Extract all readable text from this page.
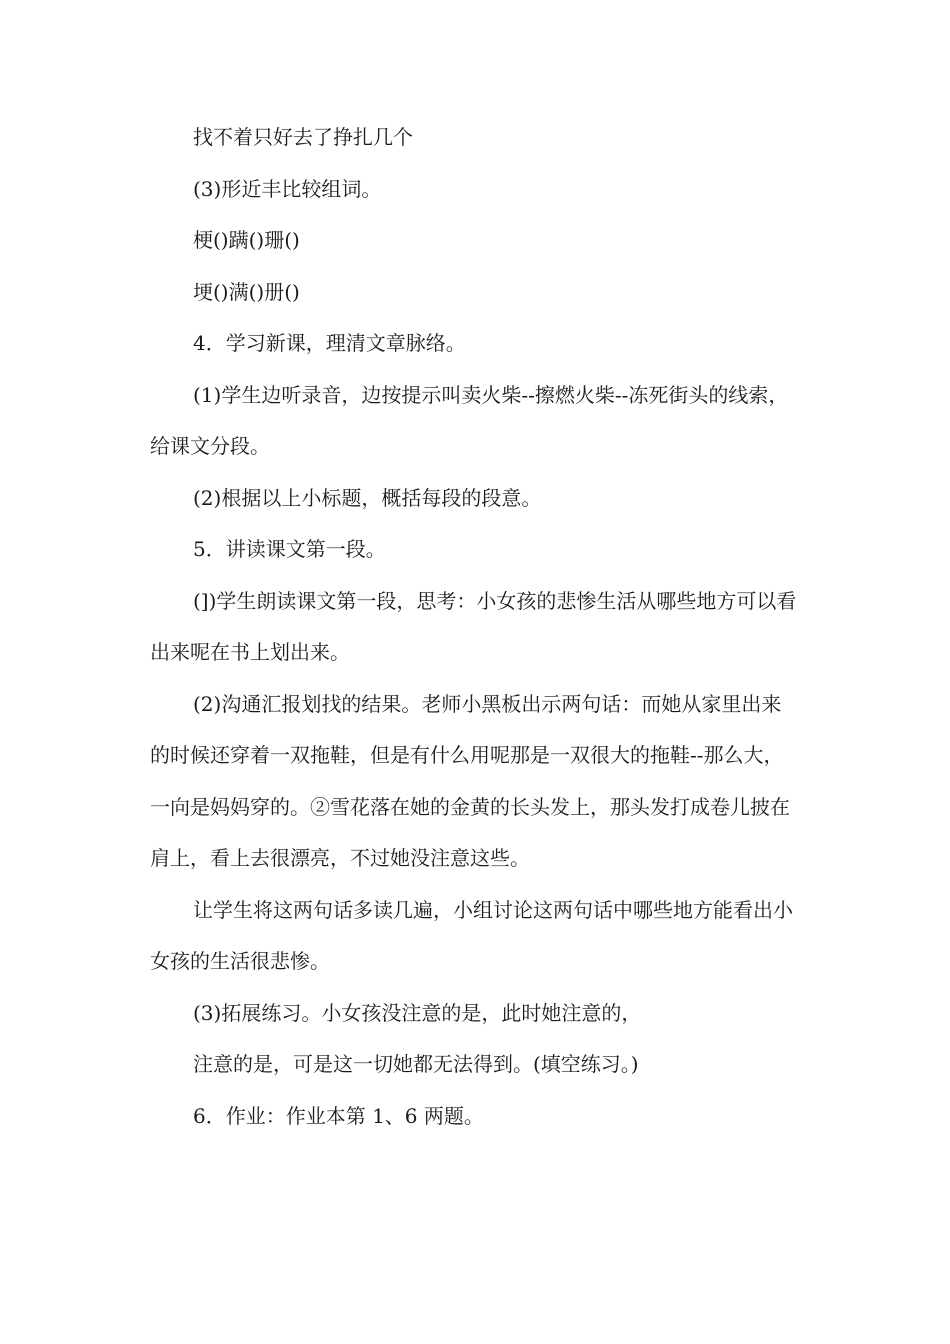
找不着只好去了挣扎几个

(3)形近丰比较组词。

梗()蹒()珊()

埂()满()册()

4．学习新课，理清文章脉络。

(1)学生边听录音，边按提示叫卖火柴--擦燃火柴--冻死街头的线索，给课文分段。

(2)根据以上小标题，概括每段的段意。

5．讲读课文第一段。

(])学生朗读课文第一段，思考：小女孩的悲惨生活从哪些地方可以看出来呢在书上划出来。

(2)沟通汇报划找的结果。老师小黑板出示两句话：而她从家里出来的时候还穿着一双拖鞋，但是有什么用呢那是一双很大的拖鞋--那么大，一向是妈妈穿的。②雪花落在她的金黄的长头发上，那头发打成卷儿披在肩上，看上去很漂亮，不过她没注意这些。

让学生将这两句话多读几遍，小组讨论这两句话中哪些地方能看出小女孩的生活很悲惨。

(3)拓展练习。小女孩没注意的是，此时她注意的，

注意的是，可是这一切她都无法得到。(填空练习。)

6．作业：作业本第 1、6 两题。
